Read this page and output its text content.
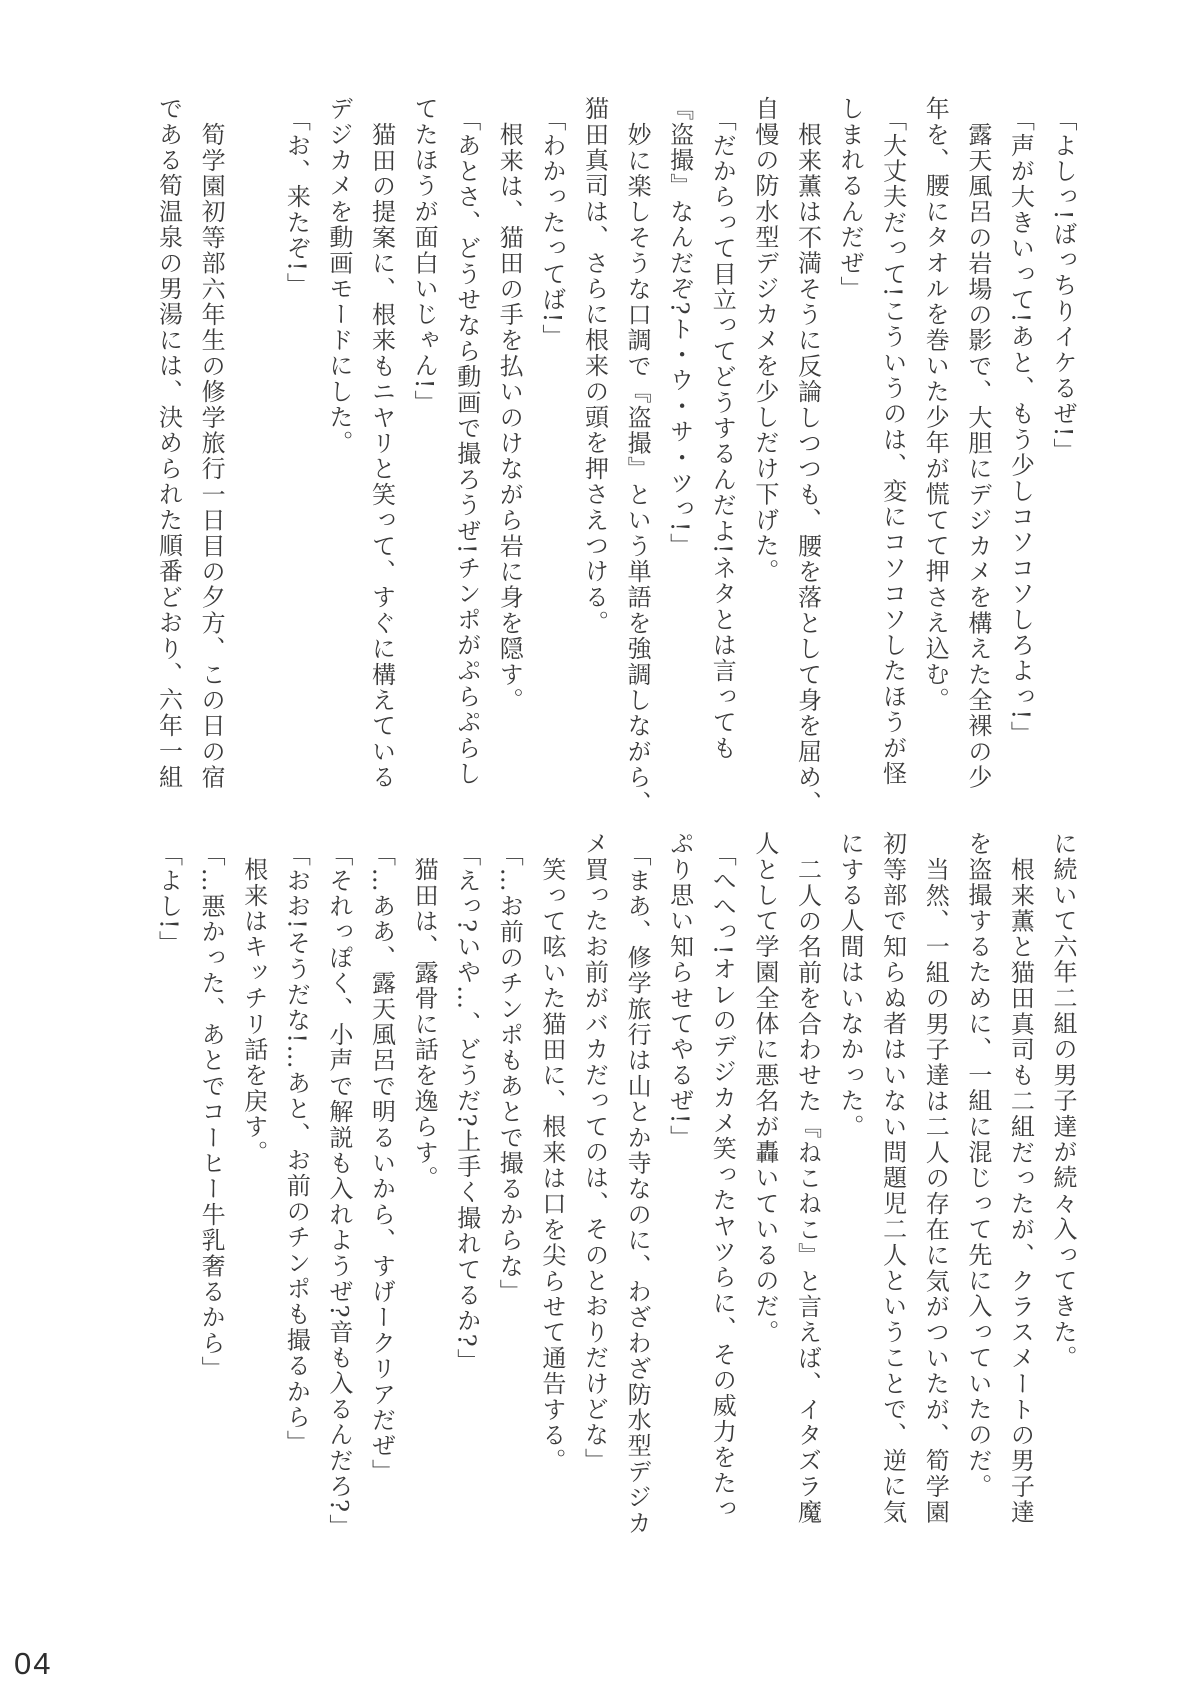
「よしっ!ばっちりイケるぜ!」

「声が大きいって!あと、もう少しコソコソしろよっ!」

露天風呂の岩場の影で、大胆にデジカメを構えた全裸の少

年を、腰にタオルを巻いた少年が慌てて押さえ込む。

「大丈夫だって!こういうのは、変にコソコソしたほうが怪

しまれるんだぜ」

根来薫は不満そうに反論しつつも、腰を落として身を屈め、

自慢の防水型デジカメを少しだけ下げた。

「だからって目立ってどうするんだよ!ネタとは言っても

『盗撮』なんだぞ?ト・ウ・サ・ツっ!」

妙に楽しそうな口調で『盗撮』という単語を強調しながら、

猫田真司は、さらに根来の頭を押さえつける。

「わかったってば!」

根来は、猫田の手を払いのけながら岩に身を隠す。

「あとさ、どうせなら動画で撮ろうぜ!チンポがぷらぷらし

てたほうが面白いじゃん!」

猫田の提案に、根来もニヤリと笑って、すぐに構えている

デジカメを動画モードにした。

「お、来たぞ!」

筍学園初等部六年生の修学旅行一日目の夕方、この日の宿

である筍温泉の男湯には、決められた順番どおり、六年一組

に続いて六年二組の男子達が続々入ってきた。

根来薫と猫田真司も二組だったが、クラスメートの男子達

を盗撮するために、一組に混じって先に入っていたのだ。

当然、一組の男子達は二人の存在に気がついたが、筍学園

初等部で知らぬ者はいない問題児二人ということで、逆に気

にする人間はいなかった。

二人の名前を合わせた『ねこねこ』と言えば、イタズラ魔

人として学園全体に悪名が轟いているのだ。

「へへっ!オレのデジカメ笑ったヤツらに、その威力をたっ

ぷり思い知らせてやるぜ!」

「まあ、修学旅行は山とか寺なのに、わざわざ防水型デジカ

メ買ったお前がバカだってのは、そのとおりだけどな」

笑って呟いた猫田に、根来は口を尖らせて通告する。

「…お前のチンポもあとで撮るからな」

「えっ?いや…、どうだ?上手く撮れてるか?」

猫田は、露骨に話を逸らす。

「…ああ、露天風呂で明るいから、すげークリアだぜ」

「それっぽく、小声で解説も入れようぜ?音も入るんだろ?」

「おお!そうだな!…あと、お前のチンポも撮るから」

根来はキッチリ話を戻す。

「…悪かった、あとでコーヒー牛乳奢るから」

「よし!」

04
